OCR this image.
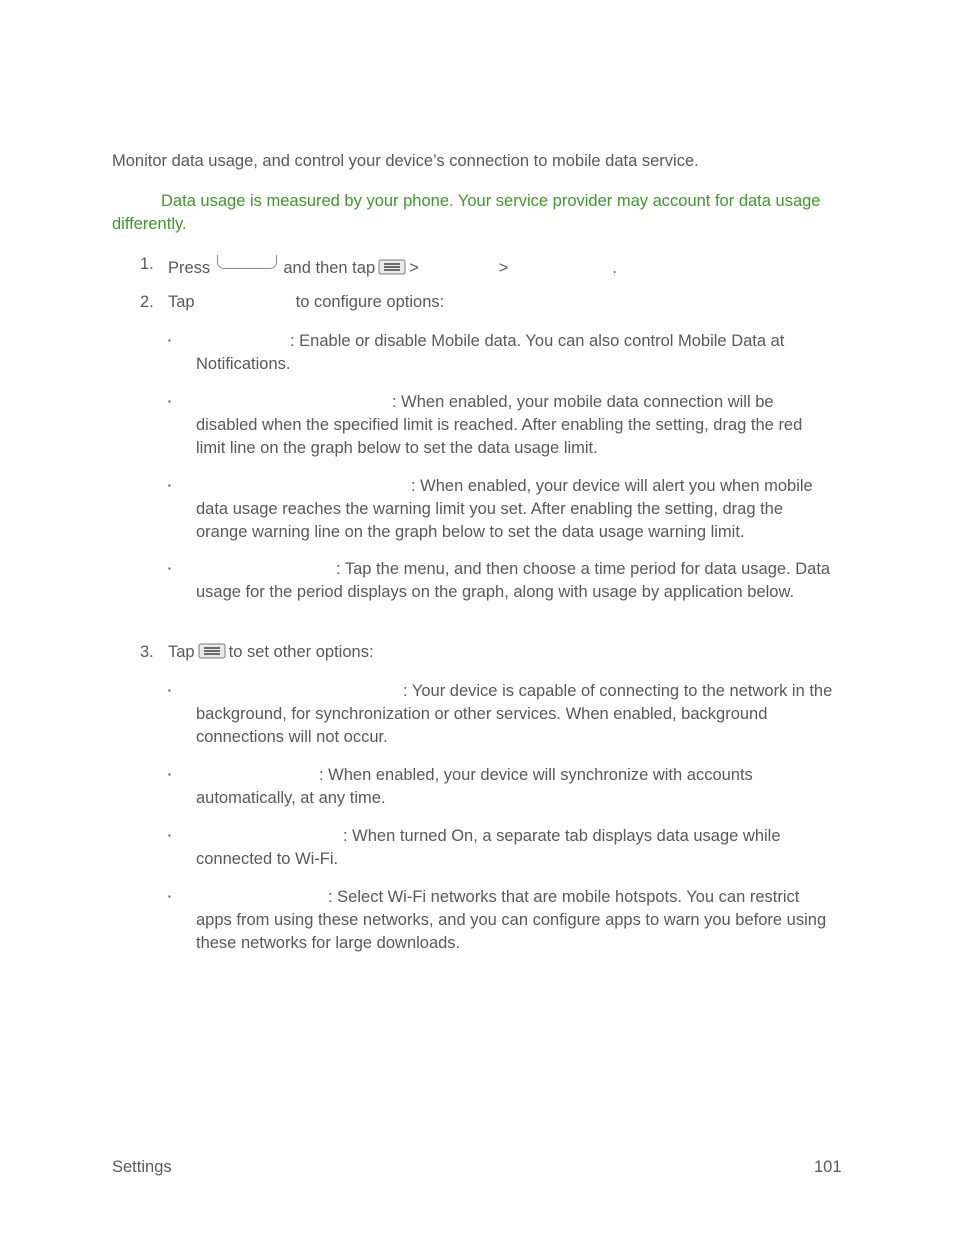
Monitor data usage, and control your device’s connection to mobile data service.
Data usage is measured by your phone. Your service provider may account for data usage differently.
1. Press	and then tap >	>	.
2. Tap	to configure options:
▪	: Enable or disable Mobile data. You can also control Mobile Data at Notifications.
▪	: When enabled, your mobile data connection will be disabled when the specified limit is reached. After enabling the setting, drag the red limit line on the graph below to set the data usage limit.
▪	: When enabled, your device will alert you when mobile data usage reaches the warning limit you set. After enabling the setting, drag the orange warning line on the graph below to set the data usage warning limit.
▪	: Tap the menu, and then choose a time period for data usage. Data usage for the period displays on the graph, along with usage by application below.
3. Tap to set other options:
▪	: Your device is capable of connecting to the network in the background, for synchronization or other services. When enabled, background connections will not occur.
▪	: When enabled, your device will synchronize with accounts automatically, at any time.
▪	: When turned On, a separate tab displays data usage while connected to Wi-Fi.
▪	: Select Wi-Fi networks that are mobile hotspots. You can restrict apps from using these networks, and you can configure apps to warn you before using these networks for large downloads.
Settings	101
